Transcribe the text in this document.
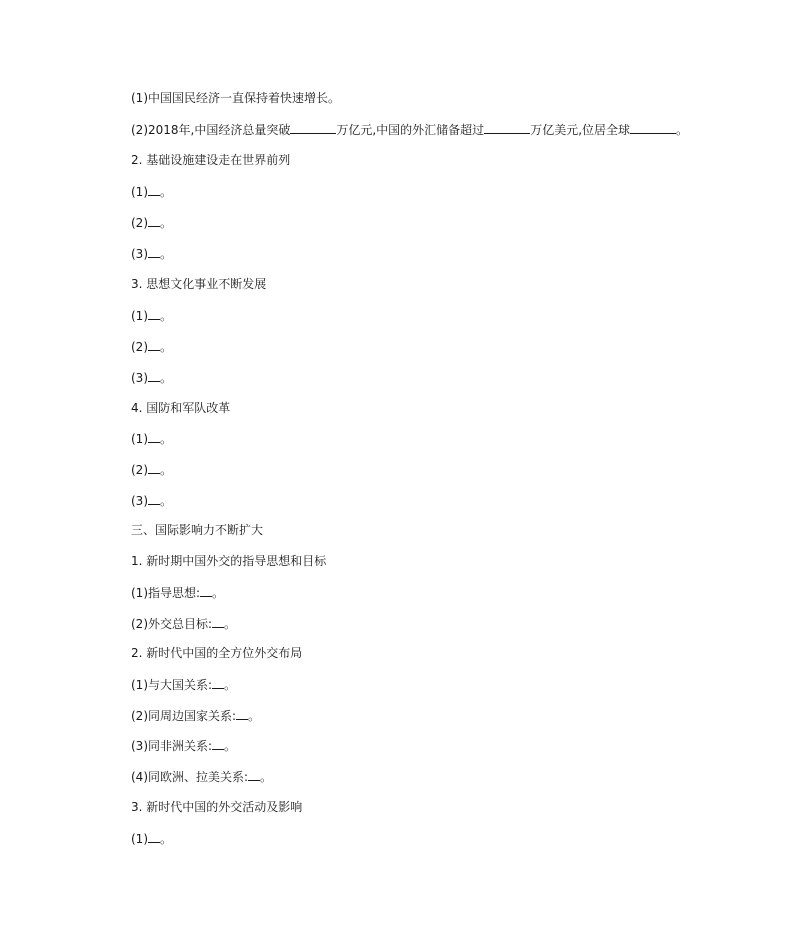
(1)中国国民经济一直保持着快速增长。
(2)2018年,中国经济总量突破	万亿元,中国的外汇储备超过	万亿美元,位居全球	。
2. 基础设施建设走在世界前列
(1) 。
(2) 。
(3) 。
3. 思想文化事业不断发展
(1) 。
(2) 。
(3) 。
4. 国防和军队改革
(1) 。
(2) 。
(3) 。
三、国际影响力不断扩大
1. 新时期中国外交的指导思想和目标
(1)指导思想: 。
(2)外交总目标: 。
2. 新时代中国的全方位外交布局
(1)与大国关系: 。
(2)同周边国家关系: 。
(3)同非洲关系: 。
(4)同欧洲、拉美关系: 。
3. 新时代中国的外交活动及影响
(1) 。
